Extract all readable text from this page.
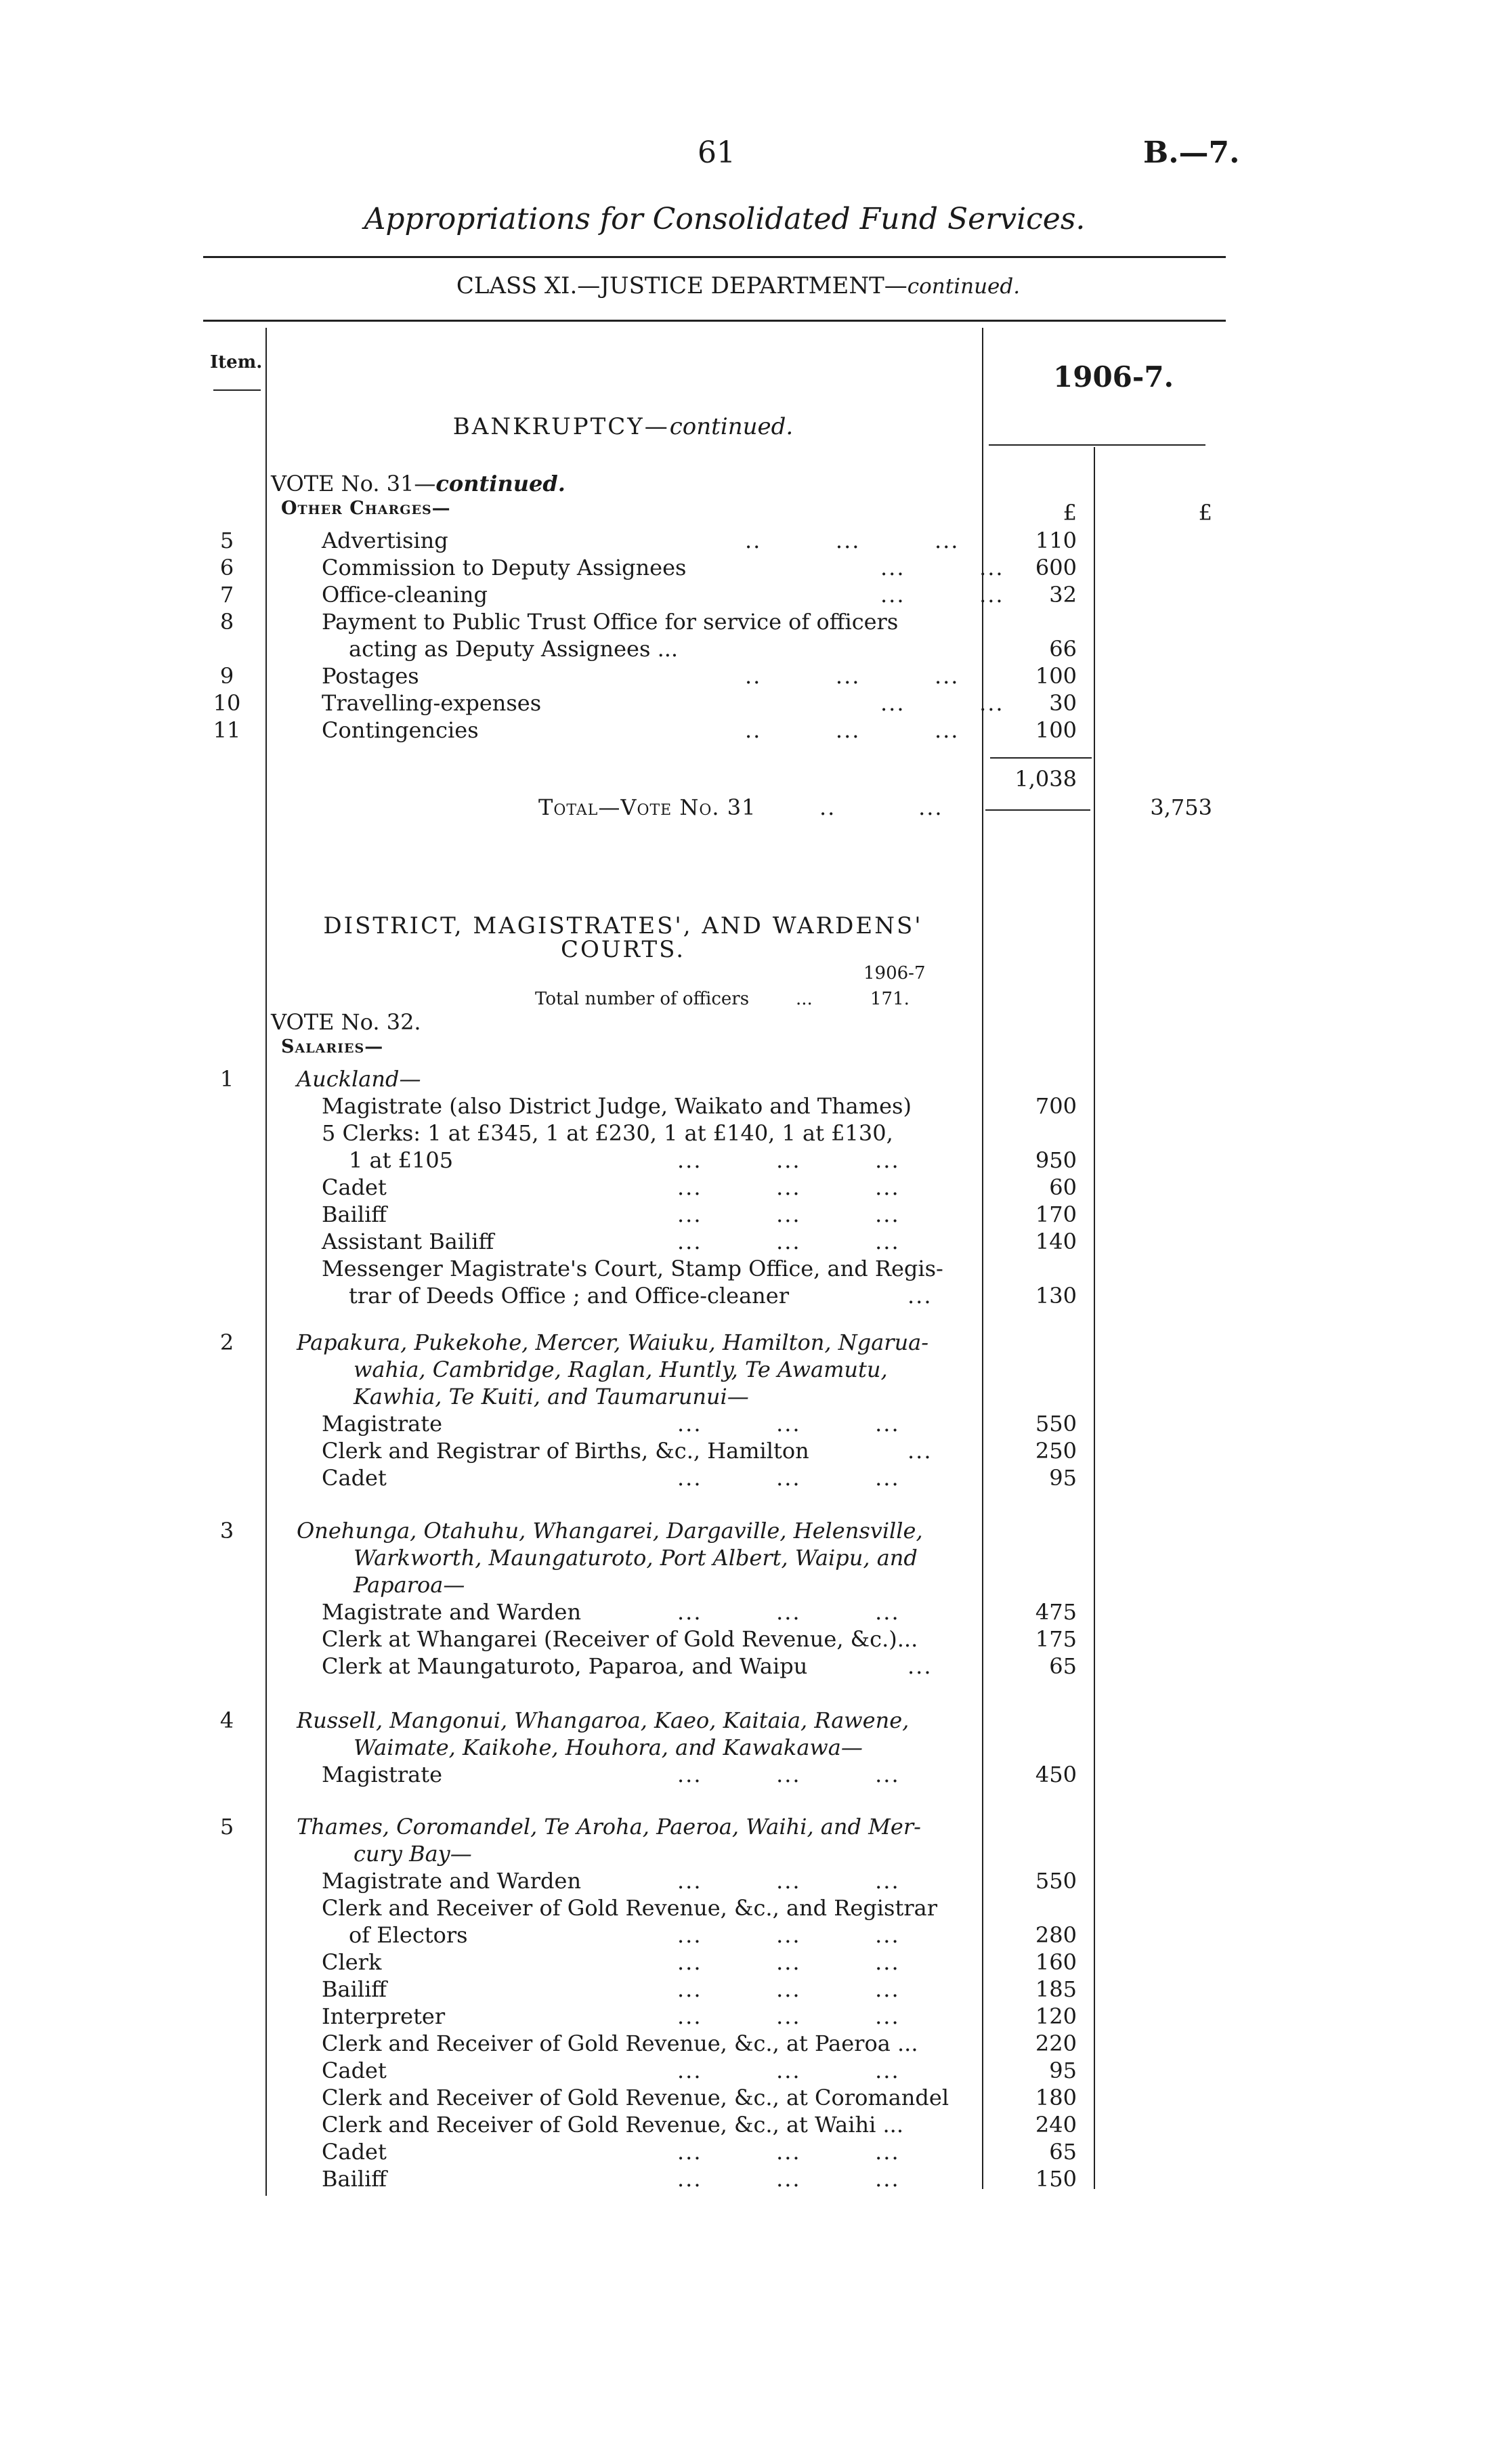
61	B.—7.
Appropriations for Consolidated Fund Services.
CLASS XI.—JUSTICE DEPARTMENT—continued.
Item.	1906-7.
£	£
BANKRUPTCY—continued.
VOTE No. 31—continued.
Other Charges—
5	Advertising	..         ...         ...	110
6	Commission to Deputy Assignees	...         ...	600
7	Office-cleaning	...         ...	32
8	Payment to Public Trust Office for service of officers
acting as Deputy Assignees ...	66
9	Postages	..         ...         ...	100
10	Travelling-expenses	...         ...	30
11	Contingencies	..         ...         ...	100
1,038
Total—Vote No. 31	..          ...	3,753
DISTRICT, MAGISTRATES', AND WARDENS'
COURTS.
1906-7
Total number of officers	...	171.
VOTE No. 32.
Salaries—
1	Auckland—
Magistrate (also District Judge, Waikato and Thames)	700
5 Clerks: 1 at £345, 1 at £230, 1 at £140, 1 at £130,
1 at £105	...         ...         ...	950
Cadet	...         ...         ...	60
Bailiff	...         ...         ...	170
Assistant Bailiff	...         ...         ...	140
Messenger Magistrate's Court, Stamp Office, and Regis-
trar of Deeds Office ; and Office-cleaner	...	130
2	Papakura, Pukekohe, Mercer, Waiuku, Hamilton, Ngarua-
wahia, Cambridge, Raglan, Huntly, Te Awamutu,
Kawhia, Te Kuiti, and Taumarunui—
Magistrate	...         ...         ...	550
Clerk and Registrar of Births, &c., Hamilton	...	250
Cadet	...         ...         ...	95
3	Onehunga, Otahuhu, Whangarei, Dargaville, Helensville,
Warkworth, Maungaturoto, Port Albert, Waipu, and
Paparoa—
Magistrate and Warden	...         ...         ...	475
Clerk at Whangarei (Receiver of Gold Revenue, &c.)...	175
Clerk at Maungaturoto, Paparoa, and Waipu	...	65
4	Russell, Mangonui, Whangaroa, Kaeo, Kaitaia, Rawene,
Waimate, Kaikohe, Houhora, and Kawakawa—
Magistrate	...         ...         ...	450
5	Thames, Coromandel, Te Aroha, Paeroa, Waihi, and Mer-
cury Bay—
Magistrate and Warden	...         ...         ...	550
Clerk and Receiver of Gold Revenue, &c., and Registrar
of Electors	...         ...         ...	280
Clerk	...         ...         ...	160
Bailiff	...         ...         ...	185
Interpreter	...         ...         ...	120
Clerk and Receiver of Gold Revenue, &c., at Paeroa ...	220
Cadet	...         ...         ...	95
Clerk and Receiver of Gold Revenue, &c., at Coromandel	180
Clerk and Receiver of Gold Revenue, &c., at Waihi ...	240
Cadet	...         ...         ...	65
Bailiff	...         ...         ...	150
